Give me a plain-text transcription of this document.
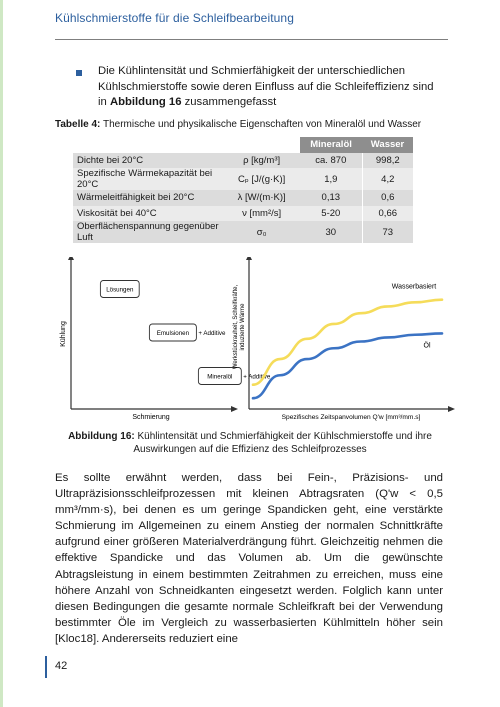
Kühlschmierstoffe für die Schleifbearbeitung
Die Kühlintensität und Schmierfähigkeit der unterschiedlichen Kühlschmierstoffe sowie deren Einfluss auf die Schleifeffizienz sind in Abbildung 16 zusammengefasst
Tabelle 4: Thermische und physikalische Eigenschaften von Mineralöl und Wasser
		Mineralöl	Wasser
Dichte bei 20°C	ρ [kg/m³]	ca. 870	998,2
Spezifische Wärmekapazität bei 20°C	Cₚ [J/(g·K)]	1,9	4,2
Wärmeleitfähigkeit bei 20°C	λ [W/(m·K)]	0,13	0,6
Viskosität bei 40°C	ν [mm²/s]	5-20	0,66
Oberflächenspannung gegenüber Luft	σ₀	30	73
Schmierung
Kühlung
Lösungen
Emulsionen + Additive
Mineralöl + Additive
Spezifisches Zeitspanvolumen Q'w [mm³/mm.s]
Werkstückrauheit, Schleifkräfte, induzierte Wärme
Wasserbasiert
Öl
Abbildung 16: Kühlintensität und Schmierfähigkeit der Kühlschmierstoffe und ihre Auswirkungen auf die Effizienz des Schleifprozesses
Es sollte erwähnt werden, dass bei Fein-, Präzisions- und Ultrapräzisionsschleifprozessen mit kleinen Abtragsraten (Q'w < 0,5 mm³/mm·s), bei denen es um geringe Spandicken geht, eine verstärkte Schmierung im Allgemeinen zu einem Anstieg der normalen Schnittkräfte aufgrund einer größeren Materialverdrängung führt. Gleichzeitig nehmen die effektive Spandicke und das Volumen ab. Um die gewünschte Abtragsleistung in einem bestimmten Zeitrahmen zu erreichen, muss eine höhere Anzahl von Schneidkanten eingesetzt werden. Folglich kann unter diesen Bedingungen die gesamte normale Schleifkraft bei der Verwendung bestimmter Öle im Vergleich zu wasserbasierten Kühlmitteln höher sein [Kloc18]. Andererseits reduziert eine
42
